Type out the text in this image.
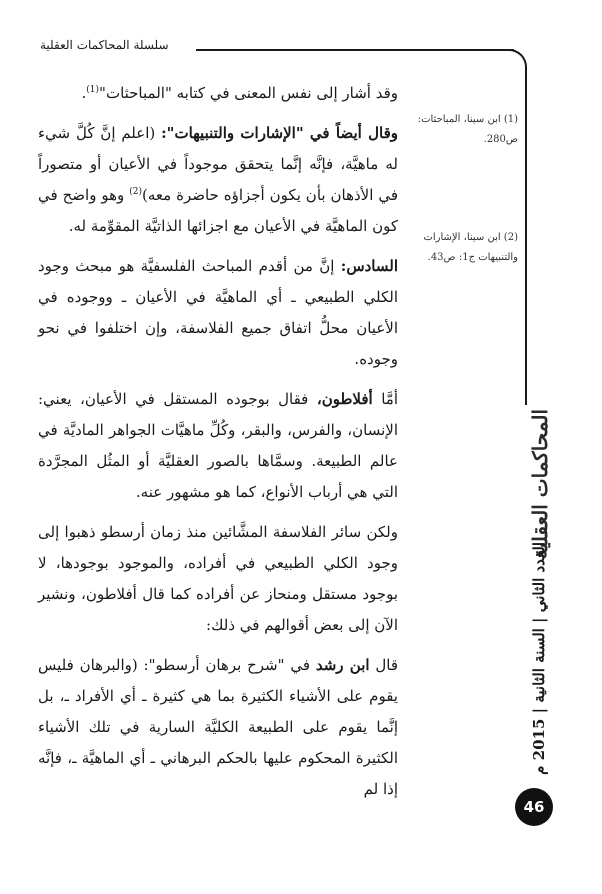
سلسلة المحاكمات العقلية
(1) ابن سينا، المباحثات: ص280.
(2) ابن سينا، الإشارات والتنبيهات ج1: ص43.

وقد أشار إلى نفس المعنى في كتابه "المباحثات"$^{(1)}$.

وقال أيضاً في "الإشارات والتنبيهات": (اعلم إنَّ كُلَّ شيء له ماهيَّة، فإنَّه إنَّما يتحقق موجوداً في الأعيان أو متصوراً في الأذهان بأن يكون أجزاؤه حاضرة معه)$^{(2)}$ وهو واضح في كون الماهيَّة في الأعيان مع اجزائها الذاتيَّة المقوِّمة له.

السادس: إنَّ من أقدم المباحث الفلسفيَّة هو مبحث وجود الكلي الطبيعي ـ أي الماهيَّة في الأعيان ـ ووجوده في الأعيان محلُّ اتفاق جميع الفلاسفة، وإن اختلفوا في نحو وجوده.

أمَّا أفلاطون، فقال بوجوده المستقل في الأعيان، يعني: الإنسان، والفرس، والبقر، وكُلِّ ماهيَّات الجواهر الماديَّة في عالم الطبيعة. وسمَّاها بالصور العقليَّة أو المثُل المجرَّدة التي هي أرباب الأنواع، كما هو مشهور عنه.

ولكن سائر الفلاسفة المشَّائين منذ زمان أرسطو ذهبوا إلى وجود الكلي الطبيعي في أفراده، والموجود بوجودها، لا بوجود مستقل ومنحاز عن أفراده كما قال أفلاطون، ونشير الآن إلى بعض أقوالهم في ذلك:

قال ابن رشد في "شرح برهان أرسطو": (والبرهان فليس يقوم على الأشياء الكثيرة بما هي كثيرة ـ أي الأفراد ـ، بل إنَّما يقوم على الطبيعة الكليَّة السارية في تلك الأشياء الكثيرة المحكوم عليها بالحكم البرهاني ـ أي الماهيَّة ـ، فإنَّه إذا لم

المحاكمات العقلية
العدد الثاني | السنة الثانية | 2015 م
46
